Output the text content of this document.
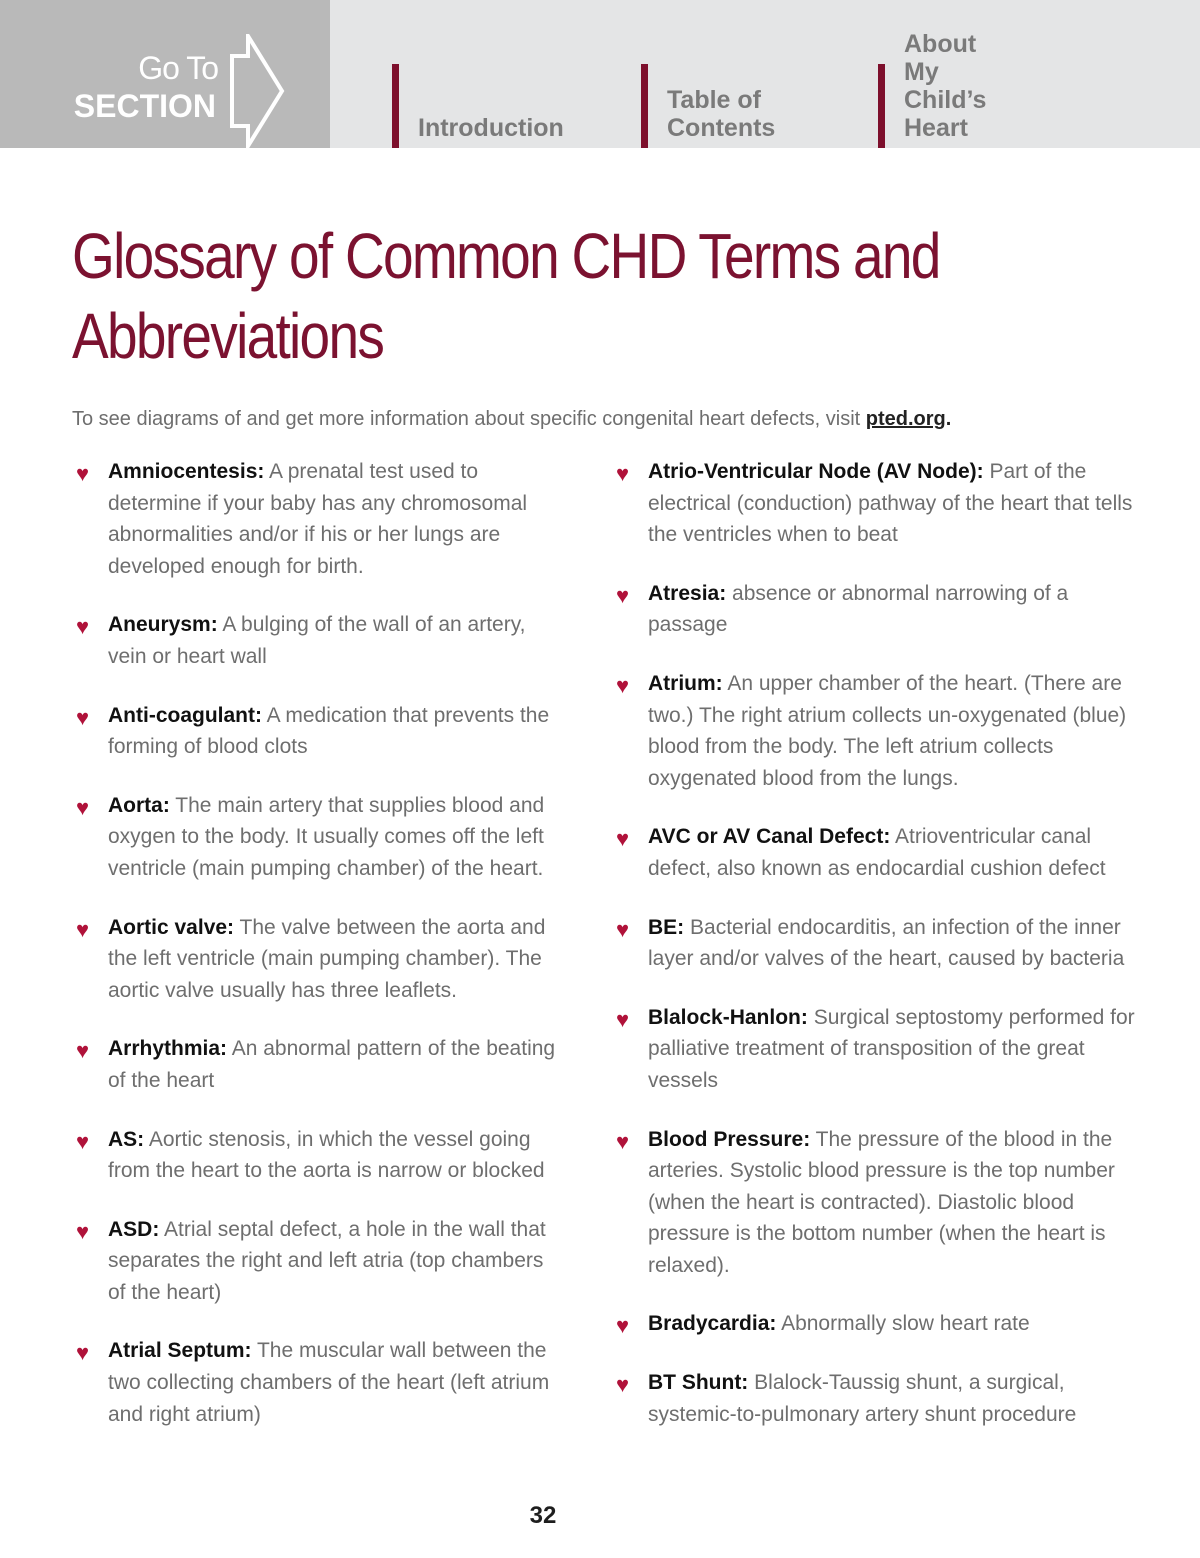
Go To
SECTION
Introduction
Table of
Contents
About My
Child’s Heart
Glossary of Common CHD Terms and
Abbreviations
To see diagrams of and get more information about specific congenital heart defects, visit pted.org.
♥ Amniocentesis: A prenatal test used to determine if your baby has any chromosomal abnormalities and/or if his or her lungs are developed enough for birth.
♥ Aneurysm: A bulging of the wall of an artery, vein or heart wall
♥ Anti-coagulant: A medication that prevents the forming of blood clots
♥ Aorta: The main artery that supplies blood and oxygen to the body. It usually comes off the left ventricle (main pumping chamber) of the heart.
♥ Aortic valve: The valve between the aorta and the left ventricle (main pumping chamber). The aortic valve usually has three leaflets.
♥ Arrhythmia: An abnormal pattern of the beating of the heart
♥ AS: Aortic stenosis, in which the vessel going from the heart to the aorta is narrow or blocked
♥ ASD: Atrial septal defect, a hole in the wall that separates the right and left atria (top chambers of the heart)
♥ Atrial Septum: The muscular wall between the two collecting chambers of the heart (left atrium and right atrium)
♥ Atrio-Ventricular Node (AV Node): Part of the electrical (conduction) pathway of the heart that tells the ventricles when to beat
♥ Atresia: absence or abnormal narrowing of a passage
♥ Atrium: An upper chamber of the heart. (There are two.) The right atrium collects un-oxygenated (blue) blood from the body. The left atrium collects oxygenated blood from the lungs.
♥ AVC or AV Canal Defect: Atrioventricular canal defect, also known as endocardial cushion defect
♥ BE: Bacterial endocarditis, an infection of the inner layer and/or valves of the heart, caused by bacteria
♥ Blalock-Hanlon: Surgical septostomy performed for palliative treatment of transposition of the great vessels
♥ Blood Pressure: The pressure of the blood in the arteries. Systolic blood pressure is the top number (when the heart is contracted). Diastolic blood pressure is the bottom number (when the heart is relaxed).
♥ Bradycardia: Abnormally slow heart rate
♥ BT Shunt: Blalock-Taussig shunt, a surgical, systemic-to-pulmonary artery shunt procedure
32
